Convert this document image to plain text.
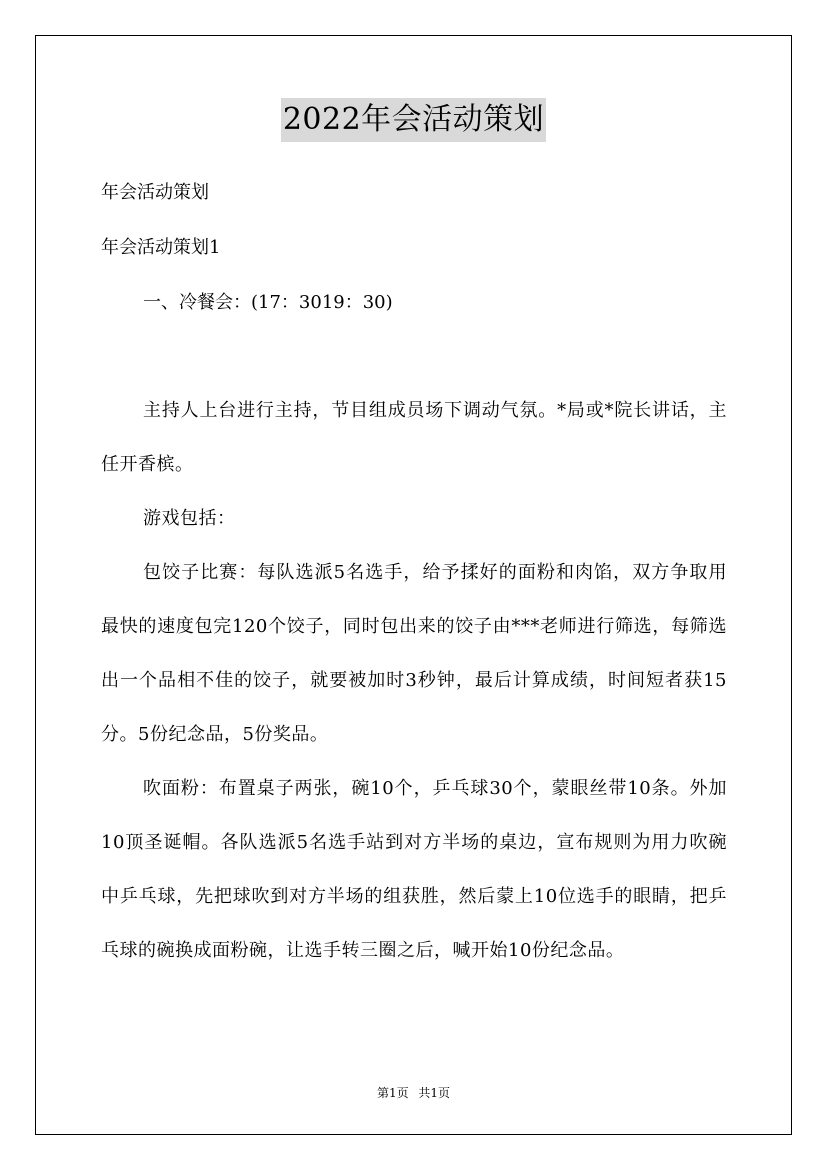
2022年会活动策划

年会活动策划

年会活动策划1

一、冷餐会：(17：3019：30)

主持人上台进行主持，节目组成员场下调动气氛。*局或*院长讲话，主任开香槟。

游戏包括：

包饺子比赛：每队选派5名选手，给予揉好的面粉和肉馅，双方争取用最快的速度包完120个饺子，同时包出来的饺子由***老师进行筛选，每筛选出一个品相不佳的饺子，就要被加时3秒钟，最后计算成绩，时间短者获15分。5份纪念品，5份奖品。

吹面粉：布置桌子两张，碗10个，乒乓球30个，蒙眼丝带10条。外加10顶圣诞帽。各队选派5名选手站到对方半场的桌边，宣布规则为用力吹碗中乒乓球，先把球吹到对方半场的组获胜，然后蒙上10位选手的眼睛，把乒乓球的碗换成面粉碗，让选手转三圈之后，喊开始10份纪念品。

第1页 共1页
